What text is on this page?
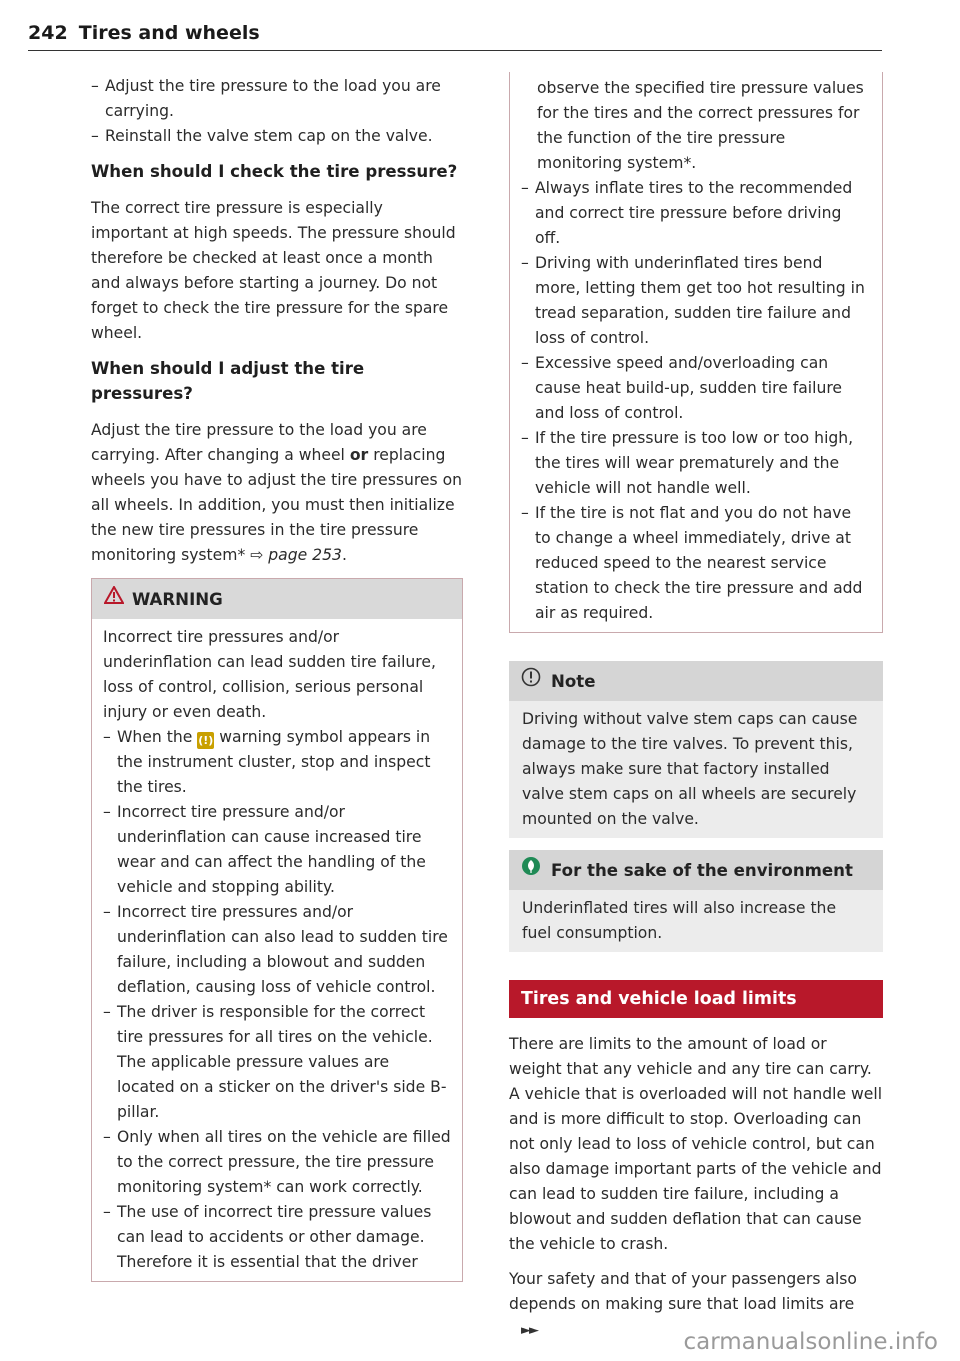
242 Tires and wheels
– Adjust the tire pressure to the load you are carrying.
– Reinstall the valve stem cap on the valve.
When should I check the tire pressure?

The correct tire pressure is especially important at high speeds. The pressure should therefore be checked at least once a month and always before starting a journey. Do not forget to check the tire pressure for the spare wheel.

When should I adjust the tire pressures?

Adjust the tire pressure to the load you are carrying. After changing a wheel or replacing wheels you have to adjust the tire pressures on all wheels. In addition, you must then initialize the new tire pressures in the tire pressure monitoring system* ⇨ page 253.

WARNING

Incorrect tire pressures and/or underinflation can lead sudden tire failure, loss of control, collision, serious personal injury or even death.

– When the (!) warning symbol appears in the instrument cluster, stop and inspect the tires.
– Incorrect tire pressure and/or underinflation can cause increased tire wear and can affect the handling of the vehicle and stopping ability.
– Incorrect tire pressures and/or underinflation can also lead to sudden tire failure, including a blowout and sudden deflation, causing loss of vehicle control.
– The driver is responsible for the correct tire pressures for all tires on the vehicle. The applicable pressure values are located on a sticker on the driver's side B-pillar.
– Only when all tires on the vehicle are filled to the correct pressure, the tire pressure monitoring system* can work correctly.
– The use of incorrect tire pressure values can lead to accidents or other damage. Therefore it is essential that the driver
observe the specified tire pressure values for the tires and the correct pressures for the function of the tire pressure monitoring system*.
– Always inflate tires to the recommended and correct tire pressure before driving off.
– Driving with underinflated tires bend more, letting them get too hot resulting in tread separation, sudden tire failure and loss of control.
– Excessive speed and/overloading can cause heat build-up, sudden tire failure and loss of control.
– If the tire pressure is too low or too high, the tires will wear prematurely and the vehicle will not handle well.
– If the tire is not flat and you do not have to change a wheel immediately, drive at reduced speed to the nearest service station to check the tire pressure and add air as required.
Note
Driving without valve stem caps can cause damage to the tire valves. To prevent this, always make sure that factory installed valve stem caps on all wheels are securely mounted on the valve.
For the sake of the environment
Underinflated tires will also increase the fuel consumption.
Tires and vehicle load limits

There are limits to the amount of load or weight that any vehicle and any tire can carry. A vehicle that is overloaded will not handle well and is more difficult to stop. Overloading can not only lead to loss of vehicle control, but can also damage important parts of the vehicle and can lead to sudden tire failure, including a blowout and sudden deflation that can cause the vehicle to crash.

Your safety and that of your passengers also depends on making sure that load limits are ►►	carmanualsonline.info
